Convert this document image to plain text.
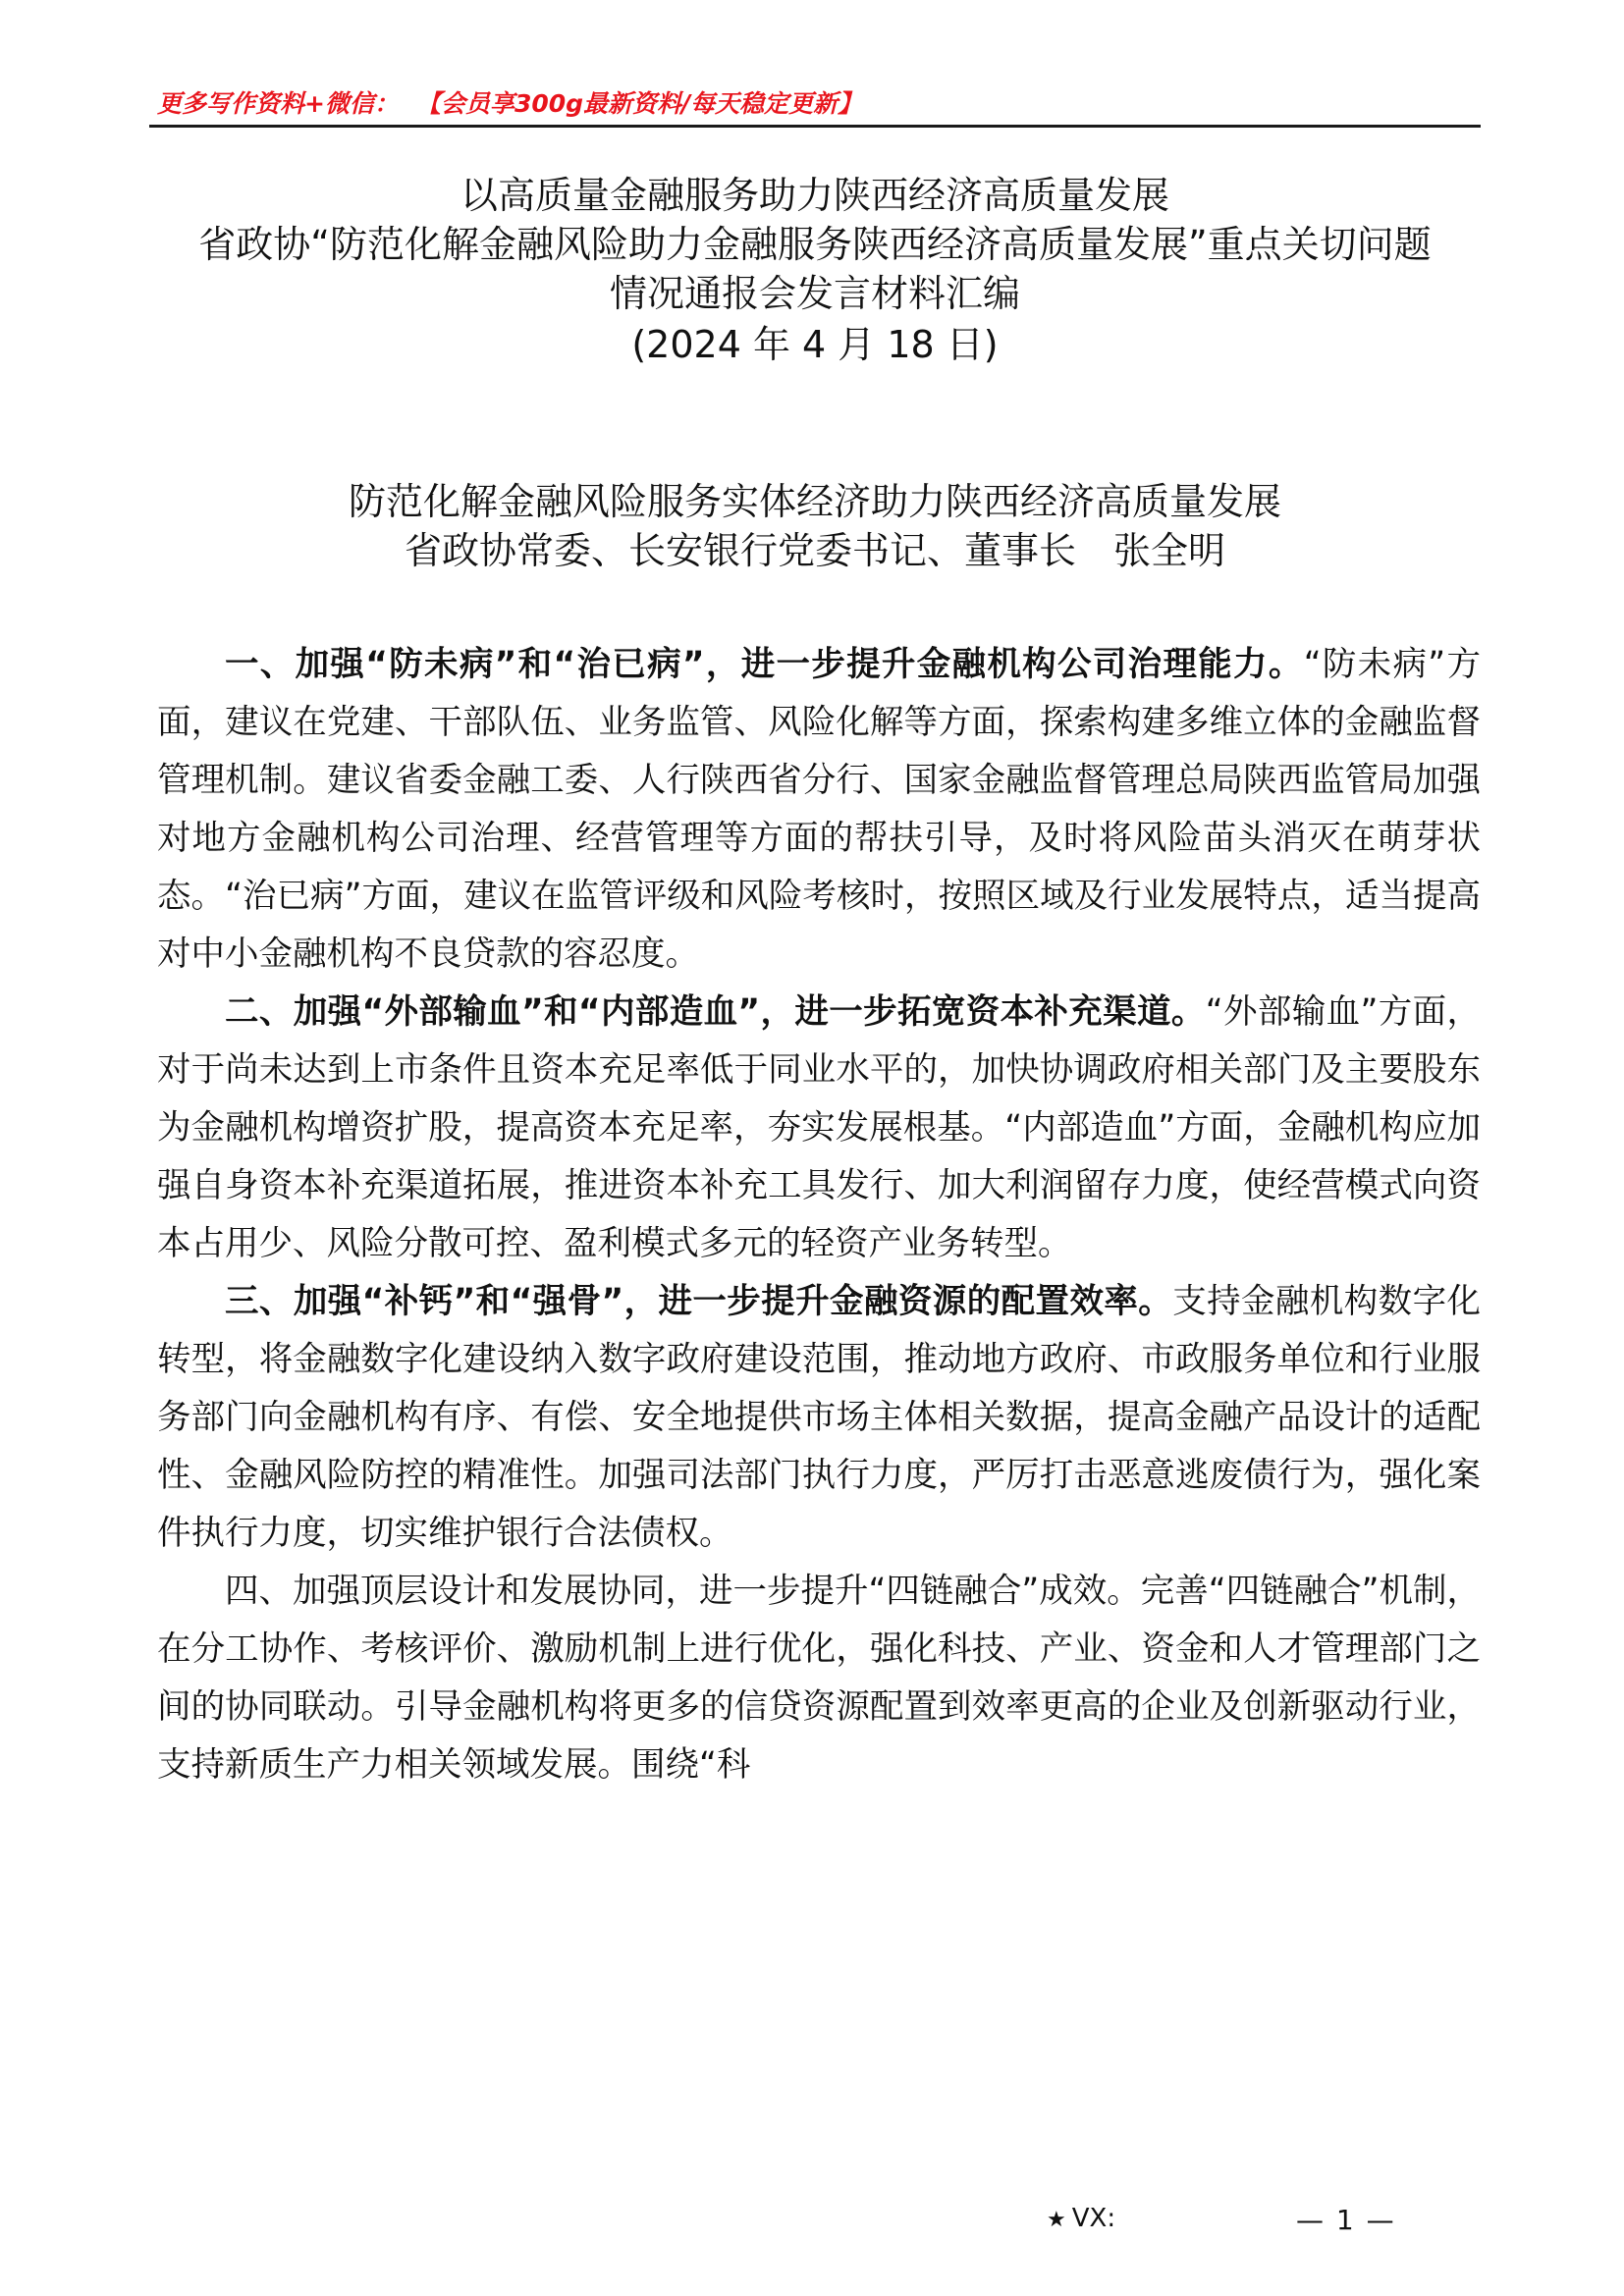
更多写作资料+微信： 【会员享300g最新资料/每天稳定更新】
以高质量金融服务助力陕西经济高质量发展
省政协“防范化解金融风险助力金融服务陕西经济高质量发展”重点关切问题
情况通报会发言材料汇编
(2024 年 4 月 18 日)
防范化解金融风险服务实体经济助力陕西经济高质量发展
省政协常委、长安银行党委书记、董事长　张全明

一、加强“防未病”和“治已病”，进一步提升金融机构公司治理能力。“防未病”方面，建议在党建、干部队伍、业务监管、风险化解等方面，探索构建多维立体的金融监督管理机制。建议省委金融工委、人行陕西省分行、国家金融监督管理总局陕西监管局加强对地方金融机构公司治理、经营管理等方面的帮扶引导，及时将风险苗头消灭在萌芽状态。“治已病”方面，建议在监管评级和风险考核时，按照区域及行业发展特点，适当提高对中小金融机构不良贷款的容忍度。

二、加强“外部输血”和“内部造血”，进一步拓宽资本补充渠道。“外部输血”方面，对于尚未达到上市条件且资本充足率低于同业水平的，加快协调政府相关部门及主要股东为金融机构增资扩股，提高资本充足率，夯实发展根基。“内部造血”方面，金融机构应加强自身资本补充渠道拓展，推进资本补充工具发行、加大利润留存力度，使经营模式向资本占用少、风险分散可控、盈利模式多元的轻资产业务转型。

三、加强“补钙”和“强骨”，进一步提升金融资源的配置效率。支持金融机构数字化转型，将金融数字化建设纳入数字政府建设范围，推动地方政府、市政服务单位和行业服务部门向金融机构有序、有偿、安全地提供市场主体相关数据，提高金融产品设计的适配性、金融风险防控的精准性。加强司法部门执行力度，严厉打击恶意逃废债行为，强化案件执行力度，切实维护银行合法债权。

四、加强顶层设计和发展协同，进一步提升“四链融合”成效。完善“四链融合”机制，在分工协作、考核评价、激励机制上进行优化，强化科技、产业、资金和人才管理部门之间的协同联动。引导金融机构将更多的信贷资源配置到效率更高的企业及创新驱动行业，支持新质生产力相关领域发展。围绕“科

★ VX:	— 1 —
